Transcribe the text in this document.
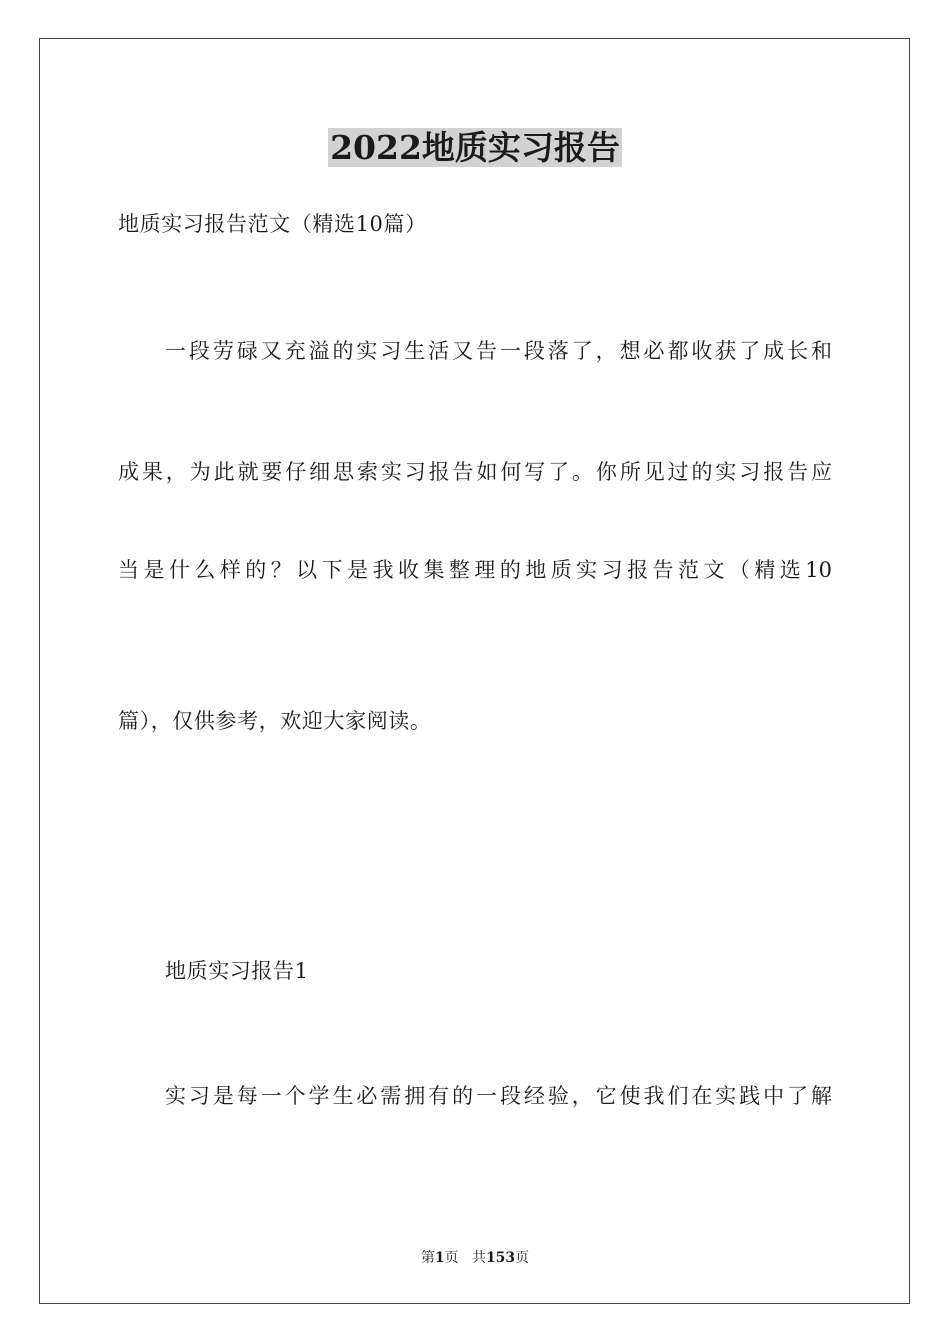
2022地质实习报告
地质实习报告范文（精选10篇）
一段劳碌又充溢的实习生活又告一段落了，想必都收获了成长和
成果，为此就要仔细思索实习报告如何写了。你所见过的实习报告应
当是什么样的？以下是我收集整理的地质实习报告范文（精选10
篇），仅供参考，欢迎大家阅读。
地质实习报告1
实习是每一个学生必需拥有的一段经验，它使我们在实践中了解
第1页 共153页
